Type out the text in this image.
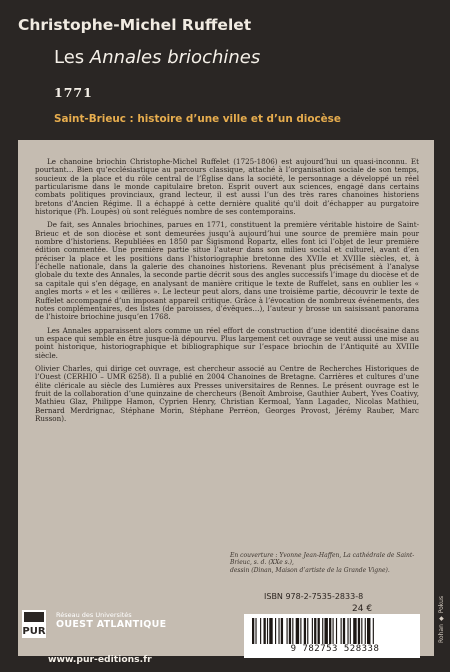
Christophe-Michel Ruffelet
Les Annales briochines
1771
Saint-Brieuc : histoire d’une ville et d’un diocèse

Le chanoine briochin Christophe-Michel Ruffelet (1725-1806) est aujourd’hui un quasi-inconnu. Et pourtant… Bien qu’ecclésiastique au parcours classique, attaché à l’organisation sociale de son temps, soucieux de la place et du rôle central de l’Église dans la société, le personnage a développé un réel particularisme dans le monde capitulaire breton. Esprit ouvert aux sciences, engagé dans certains combats politiques provinciaux, grand lecteur, il est aussi l’un des très rares chanoines historiens bretons d’Ancien Régime. Il a échappé à cette dernière qualité qu’il doit d’échapper au purgatoire historique (Ph. Loupès) où sont relégués nombre de ses contemporains.

De fait, ses Annales briochines, parues en 1771, constituent la première véritable histoire de Saint-Brieuc et de son diocèse et sont demeurées jusqu’à aujourd’hui une source de première main pour nombre d’historiens. Republiées en 1850 par Sigismond Ropartz, elles font ici l’objet de leur première édition commentée. Une première partie situe l’auteur dans son milieu social et culturel, avant d’en préciser la place et les positions dans l’historiographie bretonne des XVIIe et XVIIIe siècles, et, à l’échelle nationale, dans la galerie des chanoines historiens. Revenant plus précisément à l’analyse globale du texte des Annales, la seconde partie décrit sous des angles successifs l’image du diocèse et de sa capitale qui s’en dégage, en analysant de manière critique le texte de Ruffelet, sans en oublier les « angles morts » et les « œillères ». Le lecteur peut alors, dans une troisième partie, découvrir le texte de Ruffelet accompagné d’un imposant appareil critique. Grâce à l’évocation de nombreux événements, des notes complémentaires, des listes (de paroisses, d’évêques…), l’auteur y brosse un saisissant panorama de l’histoire briochine jusqu’en 1768.

Les Annales apparaissent alors comme un réel effort de construction d’une identité diocésaine dans un espace qui semble en être jusque-là dépourvu. Plus largement cet ouvrage se veut aussi une mise au point historique, historiographique et bibliographique sur l’espace briochin de l’Antiquité au XVIIIe siècle.

Olivier Charles, qui dirige cet ouvrage, est chercheur associé au Centre de Recherches Historiques de l’Ouest (CERHIO – UMR 6258). Il a publié en 2004 Chanoines de Bretagne. Carrières et cultures d’une élite cléricale au siècle des Lumières aux Presses universitaires de Rennes. Le présent ouvrage est le fruit de la collaboration d’une quinzaine de chercheurs (Benoît Ambroise, Gauthier Aubert, Yves Coativy, Mathieu Glaz, Philippe Hamon, Cyprien Henry, Christian Kermoal, Yann Lagadec, Nicolas Mathieu, Bernard Merdrignac, Stéphane Morin, Stéphane Perréon, Georges Provost, Jérémy Rauber, Marc Russon).

En couverture : Yvonne Jean-Haffen, La cathédrale de Saint-Brieuc, s. d. (XXe s.),
dessin (Dinan, Maison d’artiste de la Grande Vigne).
ISBN 978-2-7535-2833-8
24 €
9 782753 528338
PUR
Réseau des Universités
OUEST ATLANTIQUE
www.pur-editions.fr
Rohan ◆ Pokus
